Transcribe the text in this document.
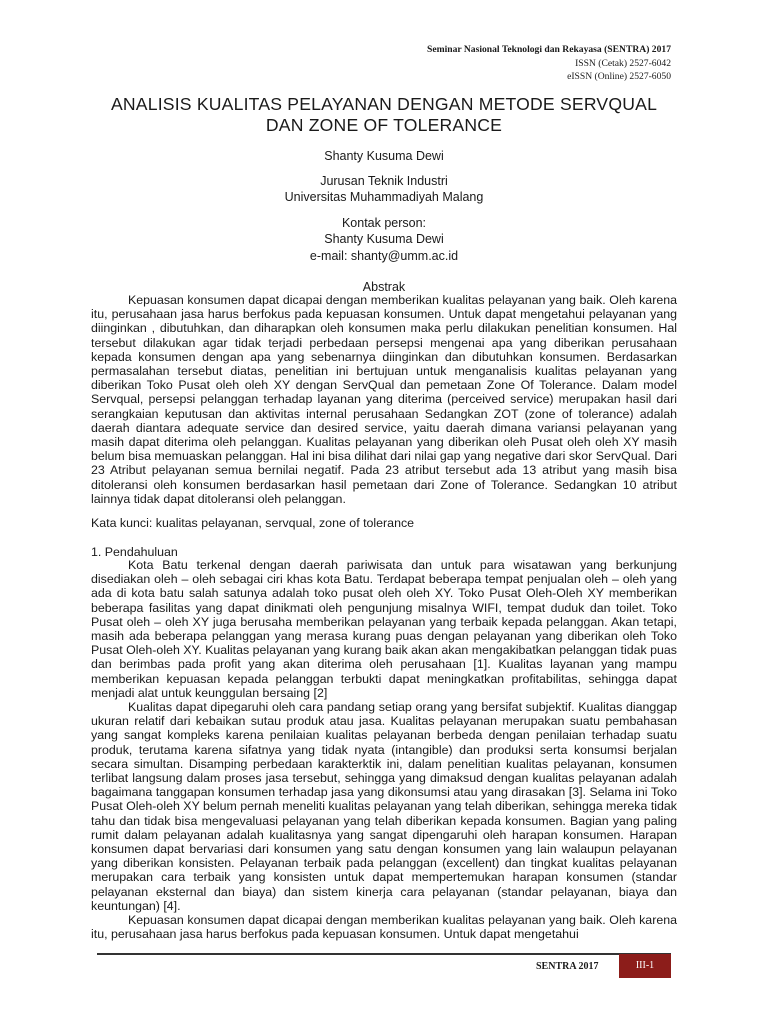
Seminar Nasional Teknologi dan Rekayasa (SENTRA) 2017
ISSN (Cetak) 2527-6042
eISSN (Online) 2527-6050
ANALISIS KUALITAS PELAYANAN DENGAN METODE SERVQUAL
DAN ZONE OF TOLERANCE
Shanty Kusuma Dewi
Jurusan Teknik Industri
Universitas Muhammadiyah Malang
Kontak person:
Shanty Kusuma Dewi
e-mail: shanty@umm.ac.id
Abstrak

Kepuasan konsumen dapat dicapai dengan memberikan kualitas pelayanan yang baik. Oleh karena itu, perusahaan jasa harus berfokus pada kepuasan konsumen. Untuk dapat mengetahui pelayanan yang diinginkan , dibutuhkan, dan diharapkan oleh konsumen maka perlu dilakukan penelitian konsumen. Hal tersebut dilakukan agar tidak terjadi perbedaan persepsi mengenai apa yang diberikan perusahaan kepada konsumen dengan apa yang sebenarnya diinginkan dan dibutuhkan konsumen. Berdasarkan permasalahan tersebut diatas, penelitian ini bertujuan untuk menganalisis kualitas pelayanan yang diberikan Toko Pusat oleh oleh XY dengan ServQual dan pemetaan Zone Of Tolerance. Dalam model Servqual, persepsi pelanggan terhadap layanan yang diterima (perceived service) merupakan hasil dari serangkaian keputusan dan aktivitas internal perusahaan Sedangkan ZOT (zone of tolerance) adalah daerah diantara adequate service dan desired service, yaitu daerah dimana variansi pelayanan yang masih dapat diterima oleh pelanggan. Kualitas pelayanan yang diberikan oleh Pusat oleh oleh XY masih belum bisa memuaskan pelanggan. Hal ini bisa dilihat dari nilai gap yang negative dari skor ServQual. Dari 23 Atribut pelayanan semua bernilai negatif. Pada 23 atribut tersebut ada 13 atribut yang masih bisa ditoleransi oleh konsumen berdasarkan hasil pemetaan dari Zone of Tolerance. Sedangkan 10 atribut lainnya tidak dapat ditoleransi oleh pelanggan.

Kata kunci: kualitas pelayanan, servqual, zone of tolerance
1. Pendahuluan

Kota Batu terkenal dengan daerah pariwisata dan untuk para wisatawan yang berkunjung disediakan oleh – oleh sebagai ciri khas kota Batu. Terdapat beberapa tempat penjualan oleh – oleh yang ada di kota batu salah satunya adalah toko pusat oleh oleh XY. Toko Pusat Oleh-Oleh XY memberikan beberapa fasilitas yang dapat dinikmati oleh pengunjung misalnya WIFI, tempat duduk dan toilet. Toko Pusat oleh – oleh XY juga berusaha memberikan pelayanan yang terbaik kepada pelanggan. Akan tetapi, masih ada beberapa pelanggan yang merasa kurang puas dengan pelayanan yang diberikan oleh Toko Pusat Oleh-oleh XY. Kualitas pelayanan yang kurang baik akan akan mengakibatkan pelanggan tidak puas dan berimbas pada profit yang akan diterima oleh perusahaan [1]. Kualitas layanan yang mampu memberikan kepuasan kepada pelanggan terbukti dapat meningkatkan profitabilitas, sehingga dapat menjadi alat untuk keunggulan bersaing [2]

Kualitas dapat dipegaruhi oleh cara pandang setiap orang yang bersifat subjektif. Kualitas dianggap ukuran relatif dari kebaikan sutau produk atau jasa. Kualitas pelayanan merupakan suatu pembahasan yang sangat kompleks karena penilaian kualitas pelayanan berbeda dengan penilaian terhadap suatu produk, terutama karena sifatnya yang tidak nyata (intangible) dan produksi serta konsumsi berjalan secara simultan. Disamping perbedaan karakterktik ini, dalam penelitian kualitas pelayanan, konsumen terlibat langsung dalam proses jasa tersebut, sehingga yang dimaksud dengan kualitas pelayanan adalah bagaimana tanggapan konsumen terhadap jasa yang dikonsumsi atau yang dirasakan [3]. Selama ini Toko Pusat Oleh-oleh XY belum pernah meneliti kualitas pelayanan yang telah diberikan, sehingga mereka tidak tahu dan tidak bisa mengevaluasi pelayanan yang telah diberikan kepada konsumen. Bagian yang paling rumit dalam pelayanan adalah kualitasnya yang sangat dipengaruhi oleh harapan konsumen. Harapan konsumen dapat bervariasi dari konsumen yang satu dengan konsumen yang lain walaupun pelayanan yang diberikan konsisten. Pelayanan terbaik pada pelanggan (excellent) dan tingkat kualitas pelayanan merupakan cara terbaik yang konsisten untuk dapat mempertemukan harapan konsumen (standar pelayanan eksternal dan biaya) dan sistem kinerja cara pelayanan (standar pelayanan, biaya dan keuntungan) [4].

Kepuasan konsumen dapat dicapai dengan memberikan kualitas pelayanan yang baik. Oleh karena itu, perusahaan jasa harus berfokus pada kepuasan konsumen. Untuk dapat mengetahui

SENTRA 2017	III-1
